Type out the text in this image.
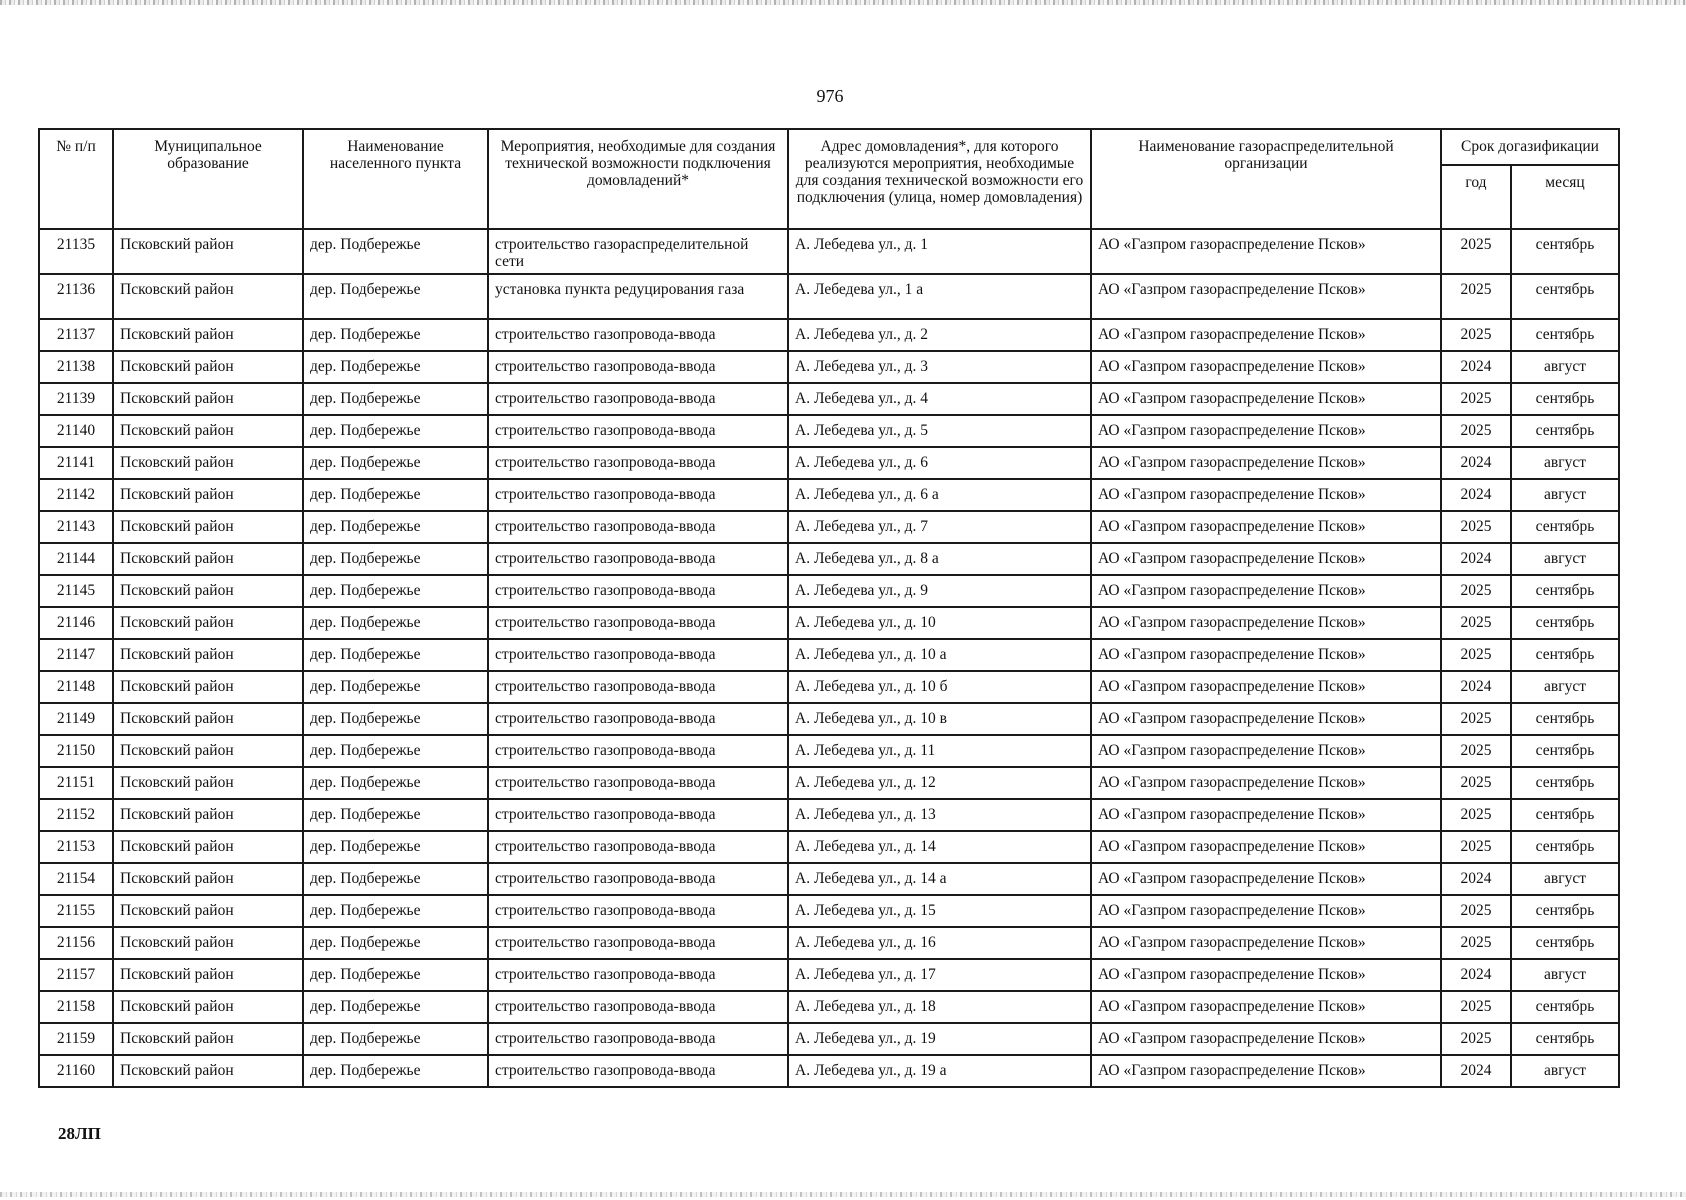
976
№ п/п	Муниципальное образование	Наименование населенного пункта	Мероприятия, необходимые для создания технической возможности подключения домовладений*	Адрес домовладения*, для которого реализуются мероприятия, необходимые для создания технической возможности его подключения (улица, номер домовладения)	Наименование газораспределительной организации	Срок догазификации	
						год	месяц
21135	Псковский район	дер. Подбережье	строительство газораспределительной сети	А. Лебедева ул., д. 1	АО «Газпром газораспределение Псков»	2025	сентябрь
21136	Псковский район	дер. Подбережье	установка пункта редуцирования газа	А. Лебедева ул., 1 а	АО «Газпром газораспределение Псков»	2025	сентябрь
21137	Псковский район	дер. Подбережье	строительство газопровода-ввода	А. Лебедева ул., д. 2	АО «Газпром газораспределение Псков»	2025	сентябрь
21138	Псковский район	дер. Подбережье	строительство газопровода-ввода	А. Лебедева ул., д. 3	АО «Газпром газораспределение Псков»	2024	август
21139	Псковский район	дер. Подбережье	строительство газопровода-ввода	А. Лебедева ул., д. 4	АО «Газпром газораспределение Псков»	2025	сентябрь
21140	Псковский район	дер. Подбережье	строительство газопровода-ввода	А. Лебедева ул., д. 5	АО «Газпром газораспределение Псков»	2025	сентябрь
21141	Псковский район	дер. Подбережье	строительство газопровода-ввода	А. Лебедева ул., д. 6	АО «Газпром газораспределение Псков»	2024	август
21142	Псковский район	дер. Подбережье	строительство газопровода-ввода	А. Лебедева ул., д. 6 а	АО «Газпром газораспределение Псков»	2024	август
21143	Псковский район	дер. Подбережье	строительство газопровода-ввода	А. Лебедева ул., д. 7	АО «Газпром газораспределение Псков»	2025	сентябрь
21144	Псковский район	дер. Подбережье	строительство газопровода-ввода	А. Лебедева ул., д. 8 а	АО «Газпром газораспределение Псков»	2024	август
21145	Псковский район	дер. Подбережье	строительство газопровода-ввода	А. Лебедева ул., д. 9	АО «Газпром газораспределение Псков»	2025	сентябрь
21146	Псковский район	дер. Подбережье	строительство газопровода-ввода	А. Лебедева ул., д. 10	АО «Газпром газораспределение Псков»	2025	сентябрь
21147	Псковский район	дер. Подбережье	строительство газопровода-ввода	А. Лебедева ул., д. 10 а	АО «Газпром газораспределение Псков»	2025	сентябрь
21148	Псковский район	дер. Подбережье	строительство газопровода-ввода	А. Лебедева ул., д. 10 б	АО «Газпром газораспределение Псков»	2024	август
21149	Псковский район	дер. Подбережье	строительство газопровода-ввода	А. Лебедева ул., д. 10 в	АО «Газпром газораспределение Псков»	2025	сентябрь
21150	Псковский район	дер. Подбережье	строительство газопровода-ввода	А. Лебедева ул., д. 11	АО «Газпром газораспределение Псков»	2025	сентябрь
21151	Псковский район	дер. Подбережье	строительство газопровода-ввода	А. Лебедева ул., д. 12	АО «Газпром газораспределение Псков»	2025	сентябрь
21152	Псковский район	дер. Подбережье	строительство газопровода-ввода	А. Лебедева ул., д. 13	АО «Газпром газораспределение Псков»	2025	сентябрь
21153	Псковский район	дер. Подбережье	строительство газопровода-ввода	А. Лебедева ул., д. 14	АО «Газпром газораспределение Псков»	2025	сентябрь
21154	Псковский район	дер. Подбережье	строительство газопровода-ввода	А. Лебедева ул., д. 14 а	АО «Газпром газораспределение Псков»	2024	август
21155	Псковский район	дер. Подбережье	строительство газопровода-ввода	А. Лебедева ул., д. 15	АО «Газпром газораспределение Псков»	2025	сентябрь
21156	Псковский район	дер. Подбережье	строительство газопровода-ввода	А. Лебедева ул., д. 16	АО «Газпром газораспределение Псков»	2025	сентябрь
21157	Псковский район	дер. Подбережье	строительство газопровода-ввода	А. Лебедева ул., д. 17	АО «Газпром газораспределение Псков»	2024	август
21158	Псковский район	дер. Подбережье	строительство газопровода-ввода	А. Лебедева ул., д. 18	АО «Газпром газораспределение Псков»	2025	сентябрь
21159	Псковский район	дер. Подбережье	строительство газопровода-ввода	А. Лебедева ул., д. 19	АО «Газпром газораспределение Псков»	2025	сентябрь
21160	Псковский район	дер. Подбережье	строительство газопровода-ввода	А. Лебедева ул., д. 19 а	АО «Газпром газораспределение Псков»	2024	август
28ЛП
